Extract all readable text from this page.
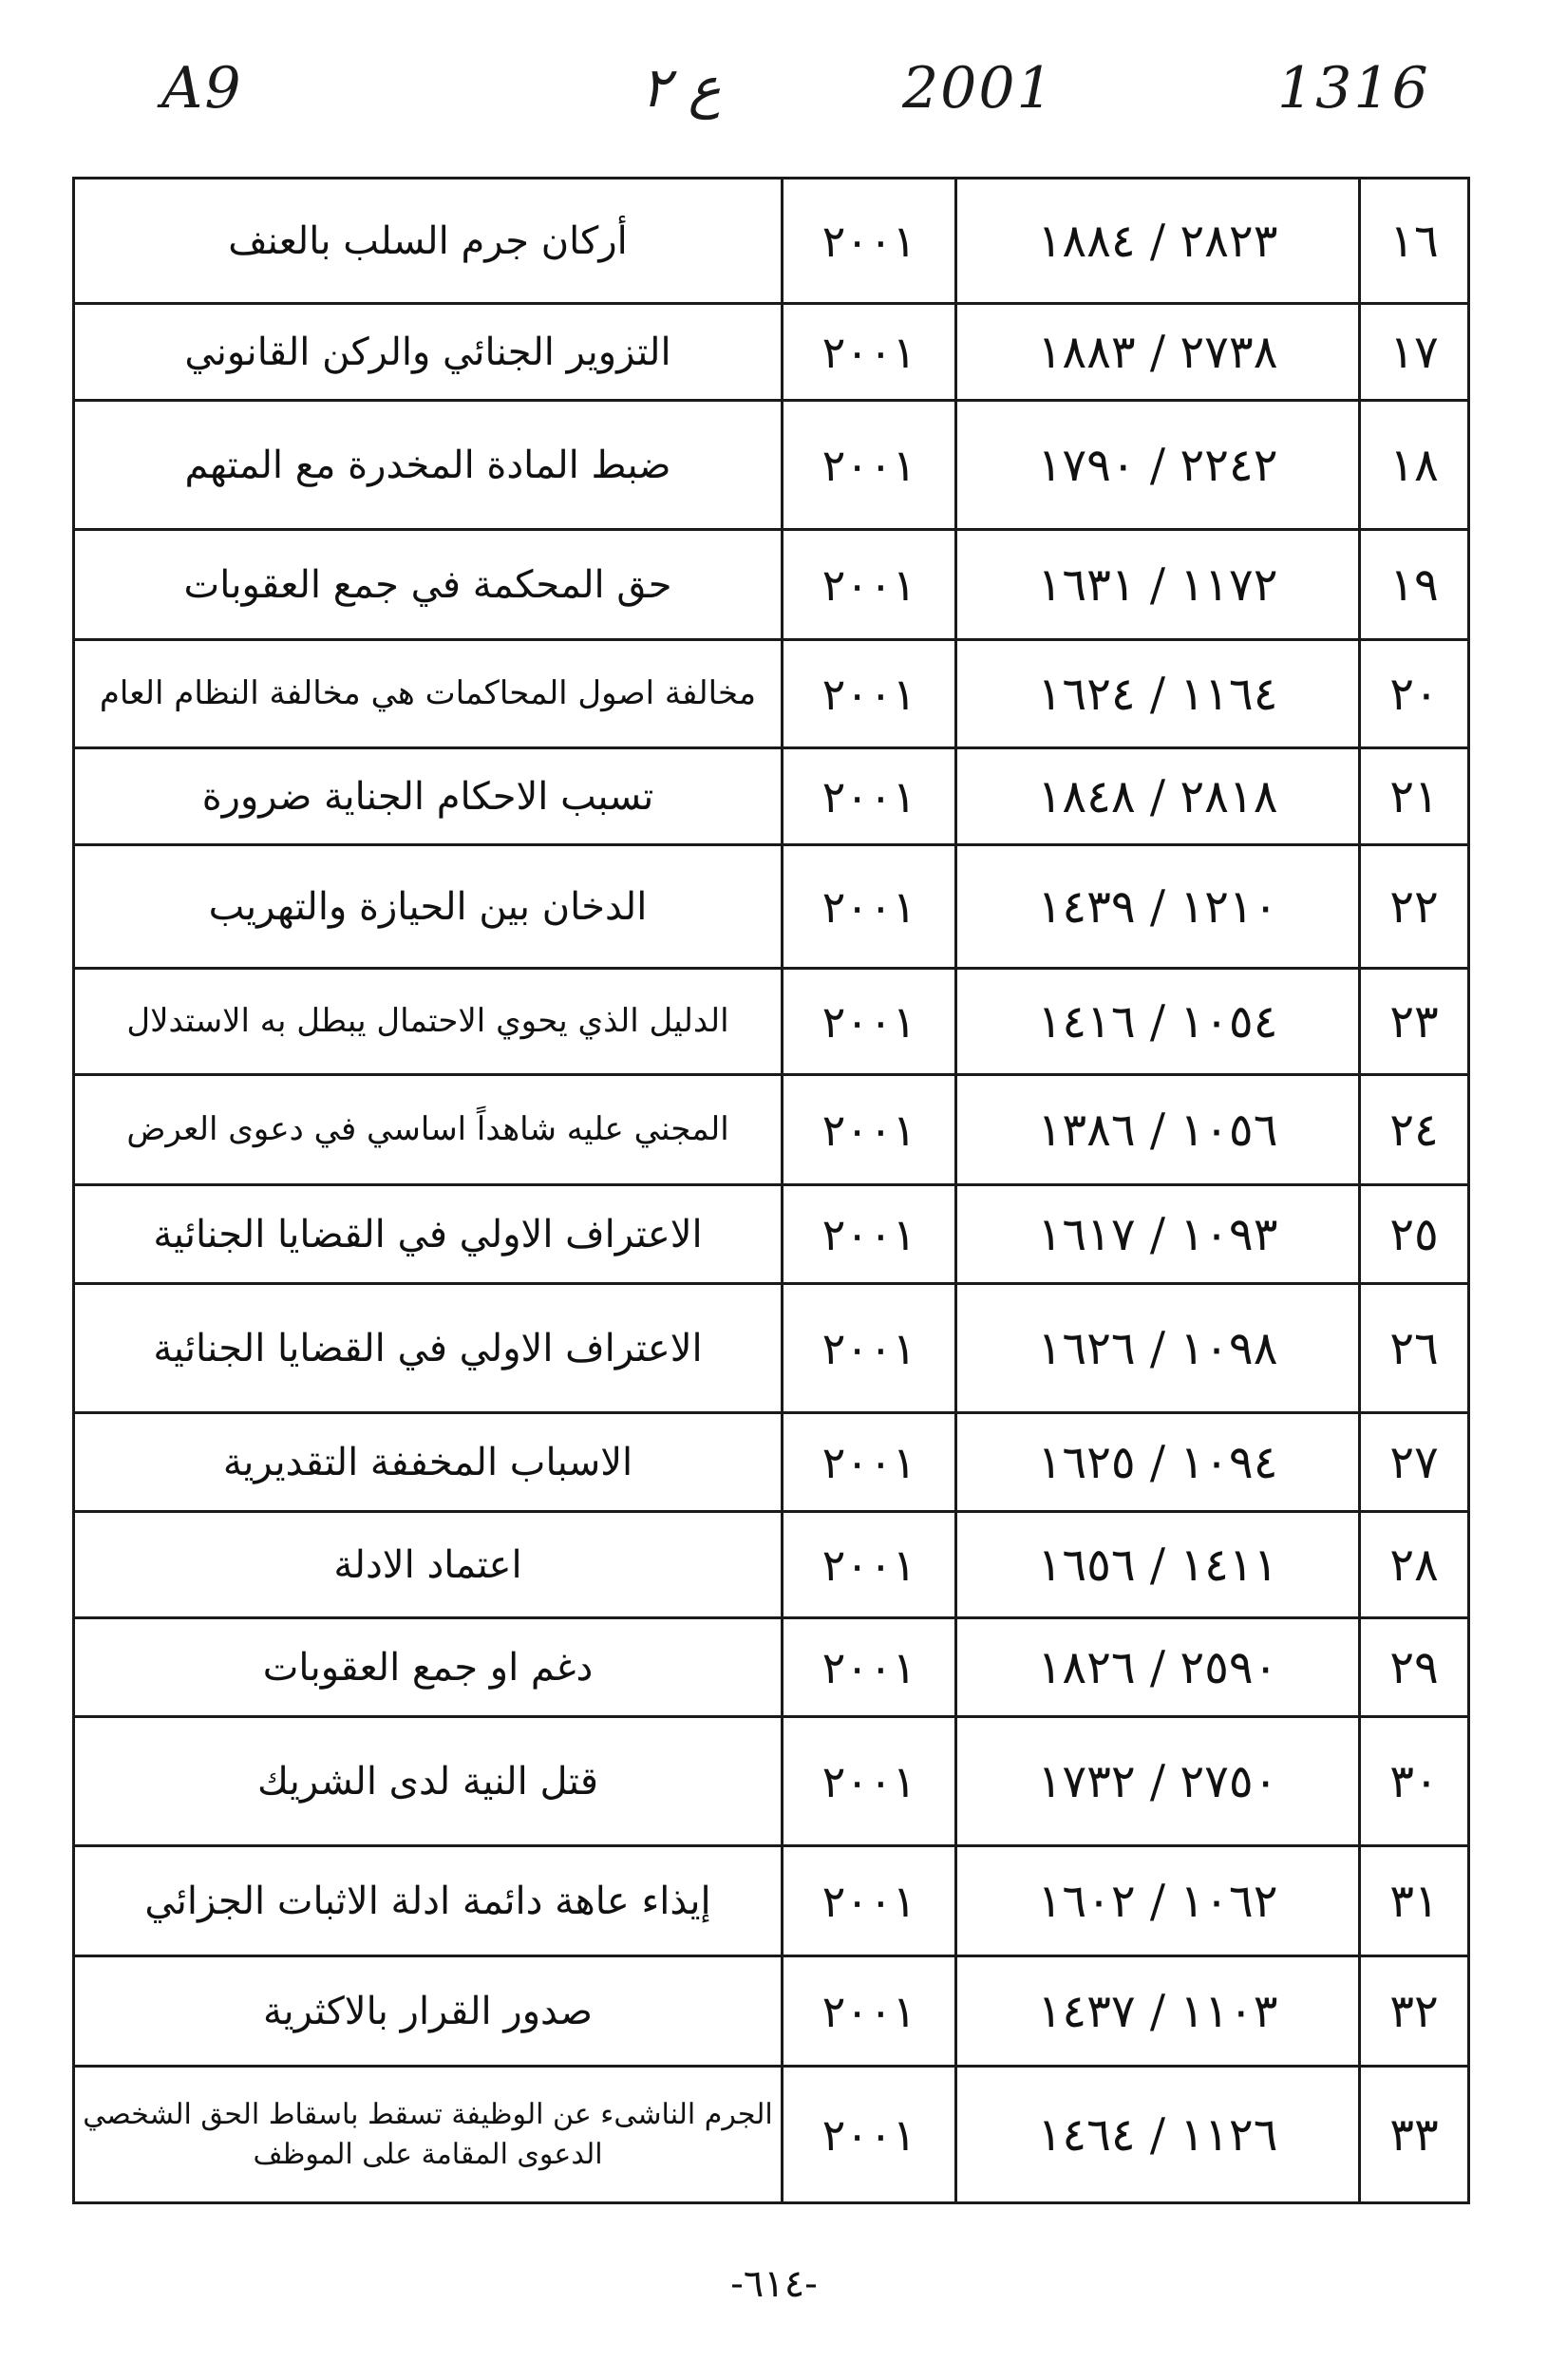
A9	ع ٢	2001	1316
١٦	٢٨٢٣ / ١٨٨٤	٢٠٠١	أركان جرم السلب بالعنف
١٧	٢٧٣٨ / ١٨٨٣	٢٠٠١	التزوير الجنائي والركن القانوني
١٨	٢٢٤٢ / ١٧٩٠	٢٠٠١	ضبط المادة المخدرة مع المتهم
١٩	١١٧٢ / ١٦٣١	٢٠٠١	حق المحكمة في جمع العقوبات
٢٠	١١٦٤ / ١٦٢٤	٢٠٠١	مخالفة اصول المحاكمات هي مخالفة النظام العام
٢١	٢٨١٨ / ١٨٤٨	٢٠٠١	تسبب الاحكام الجناية ضرورة
٢٢	١٢١٠ / ١٤٣٩	٢٠٠١	الدخان بين الحيازة والتهريب
٢٣	١٠٥٤ / ١٤١٦	٢٠٠١	الدليل الذي يحوي الاحتمال يبطل به الاستدلال
٢٤	١٠٥٦ / ١٣٨٦	٢٠٠١	المجني عليه شاهداً اساسي في دعوى العرض
٢٥	١٠٩٣ / ١٦١٧	٢٠٠١	الاعتراف الاولي في القضايا الجنائية
٢٦	١٠٩٨ / ١٦٢٦	٢٠٠١	الاعتراف الاولي في القضايا الجنائية
٢٧	١٠٩٤ / ١٦٢٥	٢٠٠١	الاسباب المخففة التقديرية
٢٨	١٤١١ / ١٦٥٦	٢٠٠١	اعتماد الادلة
٢٩	٢٥٩٠ / ١٨٢٦	٢٠٠١	دغم او جمع العقوبات
٣٠	٢٧٥٠ / ١٧٣٢	٢٠٠١	قتل النية لدى الشريك
٣١	١٠٦٢ / ١٦٠٢	٢٠٠١	إيذاء عاهة دائمة ادلة الاثبات الجزائي
٣٢	١١٠٣ / ١٤٣٧	٢٠٠١	صدور القرار بالاكثرية
٣٣	١١٢٦ / ١٤٦٤	٢٠٠١	الجرم الناشىء عن الوظيفة تسقط باسقاط الحق الشخصي الدعوى المقامة على الموظف
-٦١٤-
